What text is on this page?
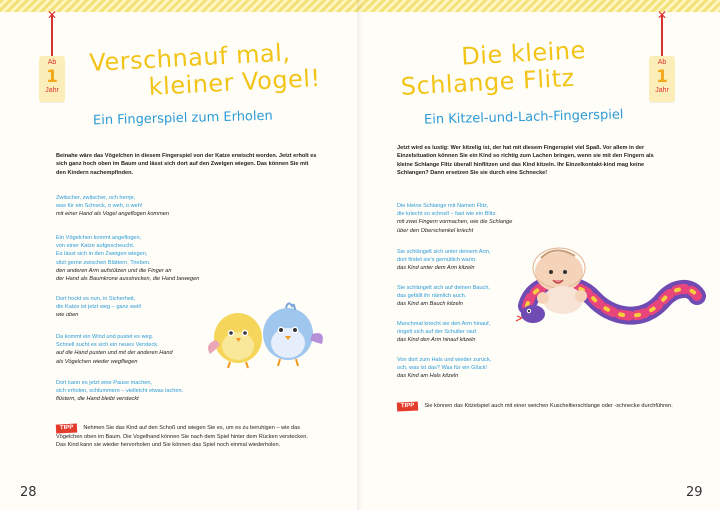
✕
Ab
1
Jahr
Verschnauf mal,
kleiner Vogel!
Ein Fingerspiel zum Erholen
Beinahe wäre das Vögelchen in diesem Fingerspiel von der Katze erwischt worden. Jetzt erholt es sich ganz hoch oben im Baum und lässt sich dort auf den Zweigen wiegen. Das können Sie mit den Kindern nachempfinden.
Zwitscher, zwitscher, och herrje,
was für ein Schreck, o weh, o weh!
mit einer Hand als Vogel angeflogen kommen
Ein Vögelchen kommt angeflogen,
von einer Katze aufgescheucht.
Es lässt sich in den Zweigen wiegen,
sitzt gerne zwischen Blättern, Trieben.
den anderen Arm aufstützen und die Finger an
der Hand als Baumkrone ausstrecken, die Hand bewegen
Dort hockt es nun, in Sicherheit,
die Katze ist jetzt weg – ganz weit!
wie oben
Da kommt ein Wind und pustet es weg.
Schnell sucht es sich ein neues Versteck.
auf die Hand pusten und mit der anderen Hand
als Vögelchen wieder wegfliegen
Dort kann es jetzt eine Pause machen,
sich erholen, schlummern – vielleicht etwas lachen.
flüstern, die Hand bleibt versteckt
TIPP Nehmen Sie das Kind auf den Schoß und wiegen Sie es, um es zu beruhigen – wie das Vögelchen oben im Baum. Die Vogelhand können Sie nach dem Spiel hinter dem Rücken verstecken. Das Kind kann sie wieder hervorholen und Sie können das Spiel noch einmal wiederholen.
28
✕
Ab
1
Jahr
Die kleine
Schlange Flitz
Ein Kitzel-und-Lach-Fingerspiel
Jetzt wird es lustig: Wer kitzelig ist, der hat mit diesem Fingerspiel viel Spaß. Vor allem in der Einzelsituation können Sie ein Kind so richtig zum Lachen bringen, wenn sie mit den Fingern als kleine Schlange Flitz überall hinflitzen und das Kind kitzeln. Ihr Einzelkontakt-kind mag keine Schlangen? Dann ersetzen Sie sie durch eine Schnecke!
Die kleine Schlange mit Namen Flitz,
die kriecht so schnell – fast wie ein Blitz.
mit zwei Fingern vormachen, wie die Schlange
über den Oberschenkel kriecht
Sie schlängelt sich unter deinem Arm,
dort findet sie's gemütlich warm.
das Kind unter dem Arm kitzeln
Sie schlängelt sich auf deinen Bauch,
das gefällt ihr nämlich auch.
das Kind am Bauch kitzeln
Manchmal kriecht sie den Arm hinauf,
ringelt sich auf der Schulter rauf.
das Kind den Arm hinauf kitzeln
Von dort zum Hals und wieder zurück,
och, was ist das? Was für ein Glück!
das Kind am Hals kitzeln
TIPP Sie können das Kitzelspiel auch mit einer weichen Kuscheltierschlange oder -schnecke durchführen.
29
